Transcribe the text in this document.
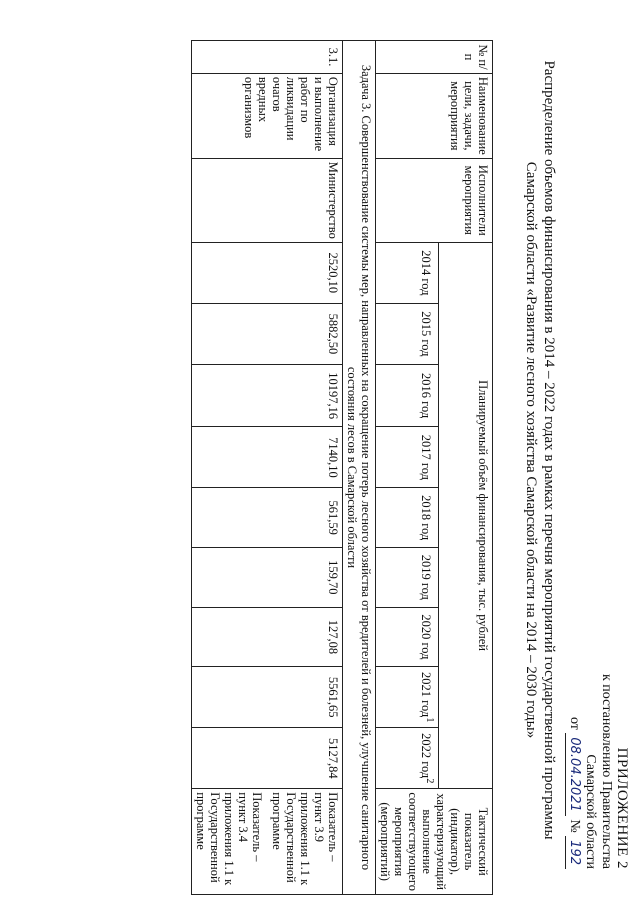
ПРИЛОЖЕНИЕ 2
к постановлению Правительства
Самарской области
от 08.04.2021 № 192
Распределение объемов финансирования в 2014 – 2022 годах в рамках перечня мероприятий государственной программы
Самарской области «Развитие лесного хозяйства Самарской области на 2014 – 2030 годы»
№ п/п	Наименование цели, задачи, мероприятия	Исполнители мероприятия	Планируемый объём финансирования, тыс. рублей									Тактический показатель (индикатор), характеризующий выполнение соответствующего мероприятия (мероприятий)
			2014 год	2015 год	2016 год	2017 год	2018 год	2019 год	2020 год	2021 год$^1$	2022 год$^2$
Задача 3. Совершенствование системы мер, направленных на сокращение потерь лесного хозяйства от вредителей и болезней, улучшение санитарного состояния лесов в Самарской области												
3.1.	Организация и выполнение работ по ликвидации очагов вредных организмов	Министерство	2520,10	5882,50	10197,16	7140,10	561,59	159,70	127,08	5561,65	5127,84	Показатель – пункт 3.9 приложения 1.1 к Государственной программе
Показатель – пункт 3.4 приложения 1.1 к Государственной программе
